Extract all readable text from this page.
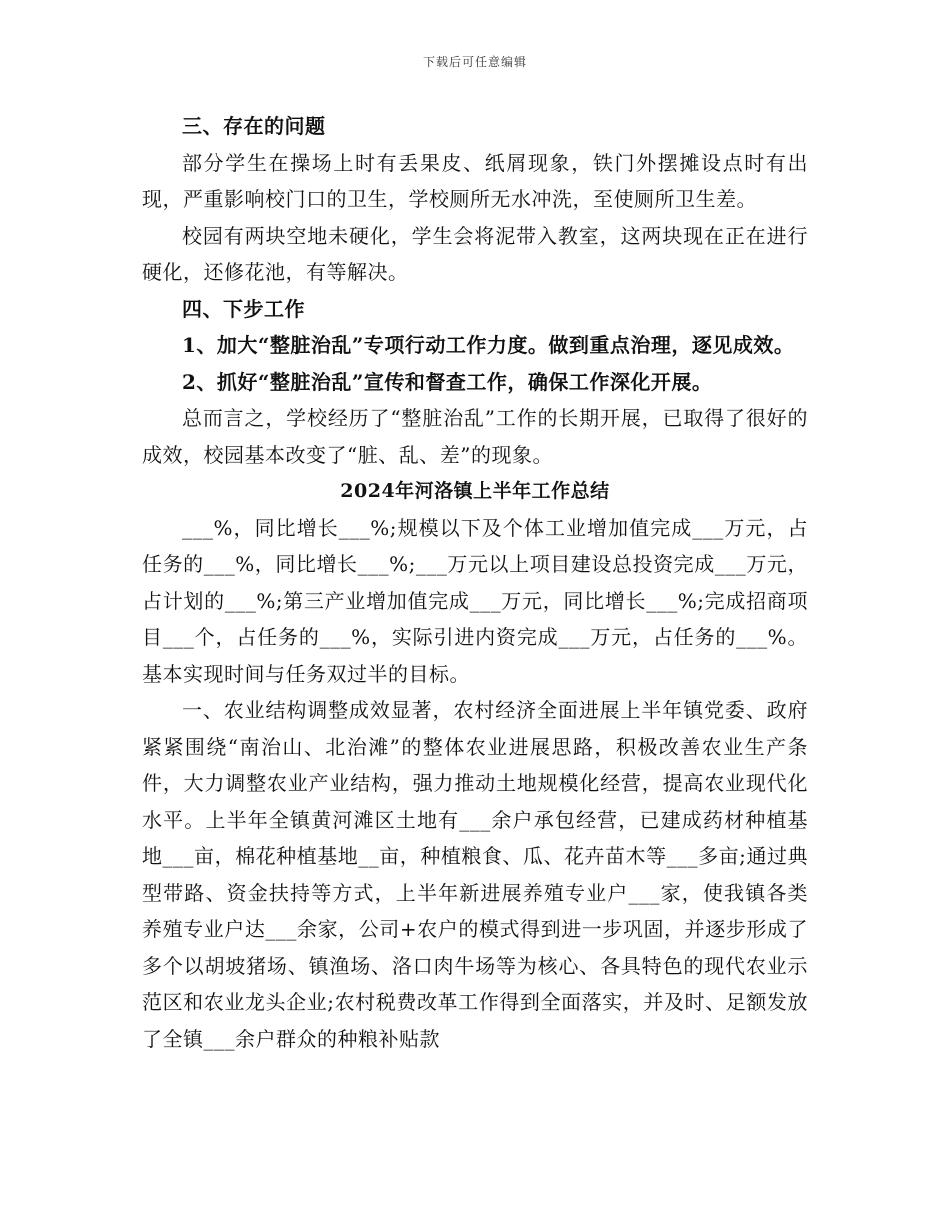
下载后可任意编辑

三、存在的问题

部分学生在操场上时有丢果皮、纸屑现象，铁门外摆摊设点时有出现，严重影响校门口的卫生，学校厕所无水冲洗，至使厕所卫生差。

校园有两块空地未硬化，学生会将泥带入教室，这两块现在正在进行硬化，还修花池，有等解决。

四、下步工作

1、加大“整脏治乱”专项行动工作力度。做到重点治理，逐见成效。

2、抓好“整脏治乱”宣传和督查工作，确保工作深化开展。

总而言之，学校经历了“整脏治乱”工作的长期开展，已取得了很好的成效，校园基本改变了“脏、乱、差”的现象。

2024年河洛镇上半年工作总结

___%，同比增长___%;规模以下及个体工业增加值完成___万元，占任务的___%，同比增长___%;___万元以上项目建设总投资完成___万元，占计划的___%;第三产业增加值完成___万元，同比增长___%;完成招商项目___个，占任务的___%，实际引进内资完成___万元，占任务的___%。基本实现时间与任务双过半的目标。

一、农业结构调整成效显著，农村经济全面进展上半年镇党委、政府紧紧围绕“南治山、北治滩”的整体农业进展思路，积极改善农业生产条件，大力调整农业产业结构，强力推动土地规模化经营，提高农业现代化水平。上半年全镇黄河滩区土地有___余户承包经营，已建成药材种植基地___亩，棉花种植基地__亩，种植粮食、瓜、花卉苗木等___多亩;通过典型带路、资金扶持等方式，上半年新进展养殖专业户___家，使我镇各类养殖专业户达___余家，公司+农户的模式得到进一步巩固，并逐步形成了多个以胡坡猪场、镇渔场、洛口肉牛场等为核心、各具特色的现代农业示范区和农业龙头企业;农村税费改革工作得到全面落实，并及时、足额发放了全镇___余户群众的种粮补贴款
